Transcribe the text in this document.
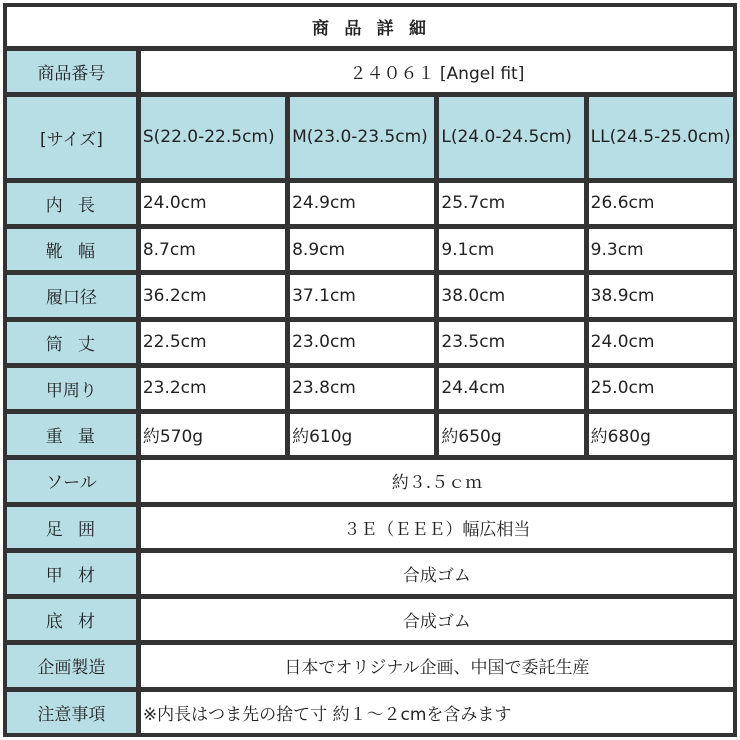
商品詳細				
商品番号	２４０６１ [Angel fit]			
[サイズ]	S(22.0-22.5cm)	M(23.0-23.5cm)	L(24.0-24.5cm)	LL(24.5-25.0cm)
内長	24.0cm	24.9cm	25.7cm	26.6cm
靴幅	8.7cm	8.9cm	9.1cm	9.3cm
履口径	36.2cm	37.1cm	38.0cm	38.9cm
筒丈	22.5cm	23.0cm	23.5cm	24.0cm
甲周り	23.2cm	23.8cm	24.4cm	25.0cm
重量	約570g	約610g	約650g	約680g
ソール	約３.５ｃｍ			
足囲	３Ｅ（ＥＥＥ）幅広相当			
甲材	合成ゴム			
底材	合成ゴム			
企画製造	日本でオリジナル企画、中国で委託生産			
注意事項	※内長はつま先の捨て寸 約１～２cmを含みます			
